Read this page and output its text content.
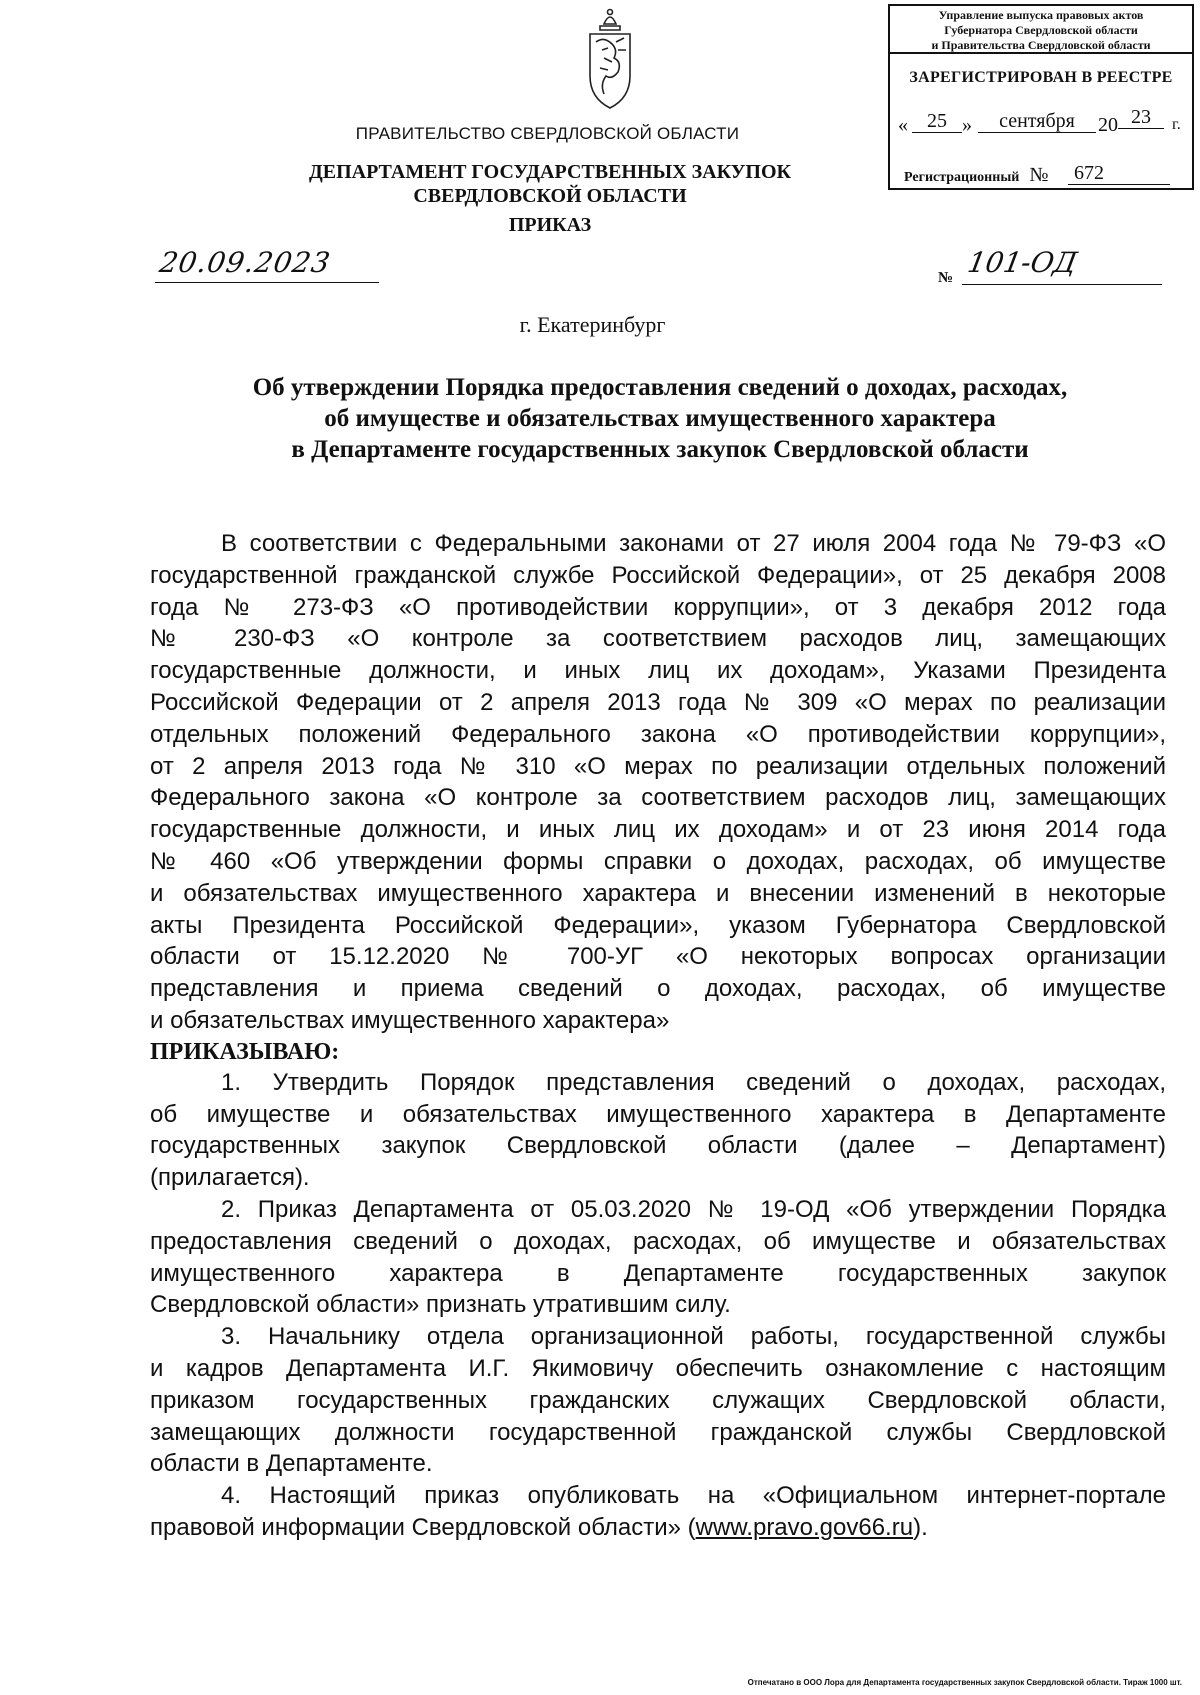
Управление выпуска правовых актов
Губернатора Свердловской области
и Правительства Свердловской области
ЗАРЕГИСТРИРОВАН В РЕЕСТРЕ
« 25 »	сентября	20 23	г.
Регистрационный №	672
ПРАВИТЕЛЬСТВО СВЕРДЛОВСКОЙ ОБЛАСТИ
ДЕПАРТАМЕНТ ГОСУДАРСТВЕННЫХ ЗАКУПОК
СВЕРДЛОВСКОЙ ОБЛАСТИ
ПРИКАЗ
20.09.2023	№ 101-ОД
г. Екатеринбург
Об утверждении Порядка предоставления сведений о доходах, расходах,
об имуществе и обязательствах имущественного характера
в Департаменте государственных закупок Свердловской области
В соответствии с Федеральными законами от 27 июля 2004 года № 79-ФЗ «О
государственной гражданской службе Российской Федерации», от 25 декабря 2008
года № 273-ФЗ «О противодействии коррупции», от 3 декабря 2012 года
№ 230-ФЗ «О контроле за соответствием расходов лиц, замещающих
государственные должности, и иных лиц их доходам», Указами Президента
Российской Федерации от 2 апреля 2013 года № 309 «О мерах по реализации
отдельных положений Федерального закона «О противодействии коррупции»,
от 2 апреля 2013 года № 310 «О мерах по реализации отдельных положений
Федерального закона «О контроле за соответствием расходов лиц, замещающих
государственные должности, и иных лиц их доходам» и от 23 июня 2014 года
№ 460 «Об утверждении формы справки о доходах, расходах, об имуществе
и обязательствах имущественного характера и внесении изменений в некоторые
акты Президента Российской Федерации», указом Губернатора Свердловской
области от 15.12.2020 № 700-УГ «О некоторых вопросах организации
представления и приема сведений о доходах, расходах, об имуществе
и обязательствах имущественного характера»
ПРИКАЗЫВАЮ:
1. Утвердить Порядок представления сведений о доходах, расходах,
об имуществе и обязательствах имущественного характера в Департаменте
государственных закупок Свердловской области (далее – Департамент)
(прилагается).
2. Приказ Департамента от 05.03.2020 № 19-ОД «Об утверждении Порядка
предоставления сведений о доходах, расходах, об имуществе и обязательствах
имущественного характера в Департаменте государственных закупок
Свердловской области» признать утратившим силу.
3. Начальнику отдела организационной работы, государственной службы
и кадров Департамента И.Г. Якимовичу обеспечить ознакомление с настоящим
приказом государственных гражданских служащих Свердловской области,
замещающих должности государственной гражданской службы Свердловской
области в Департаменте.
4. Настоящий приказ опубликовать на «Официальном интернет-портале
правовой информации Свердловской области» (www.pravo.gov66.ru).
Отпечатано в ООО Лора для Департамента государственных закупок Свердловской области. Тираж 1000 шт.
